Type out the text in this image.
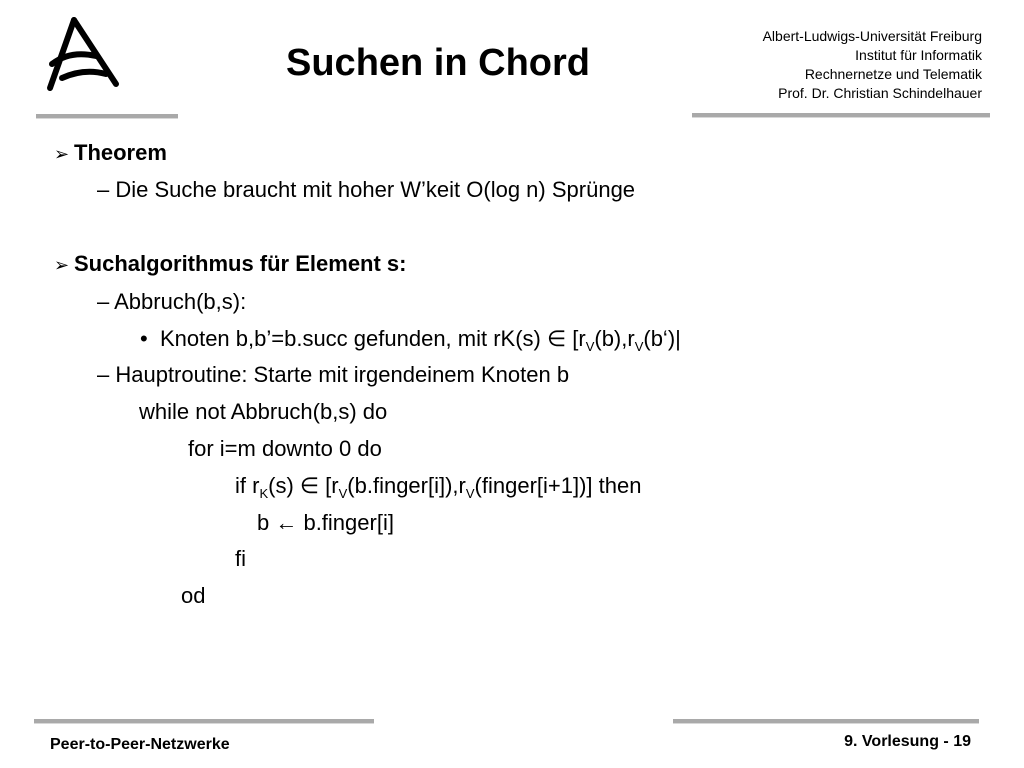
Suchen in Chord
Albert-Ludwigs-Universität Freiburg
Institut für Informatik
Rechnernetze und Telematik
Prof. Dr. Christian Schindelhauer
➢ Theorem
– Die Suche braucht mit hoher W’keit O(log n) Sprünge
➢ Suchalgorithmus für Element s:
– Abbruch(b,s):
• Knoten b,b’=b.succ gefunden, mit rK(s) ∈ [$r_V(b),r_V(b‘)|$
– Hauptroutine: Starte mit irgendeinem Knoten b
while not Abbruch(b,s) do
for i=m downto 0 do
if $r_K(s)$ ∈ $[r_V(b.finger[i]),r_V(finger[i+1])]$ then
b ← b.finger[i]
fi
od
Peer-to-Peer-Netzwerke	9. Vorlesung - 19
